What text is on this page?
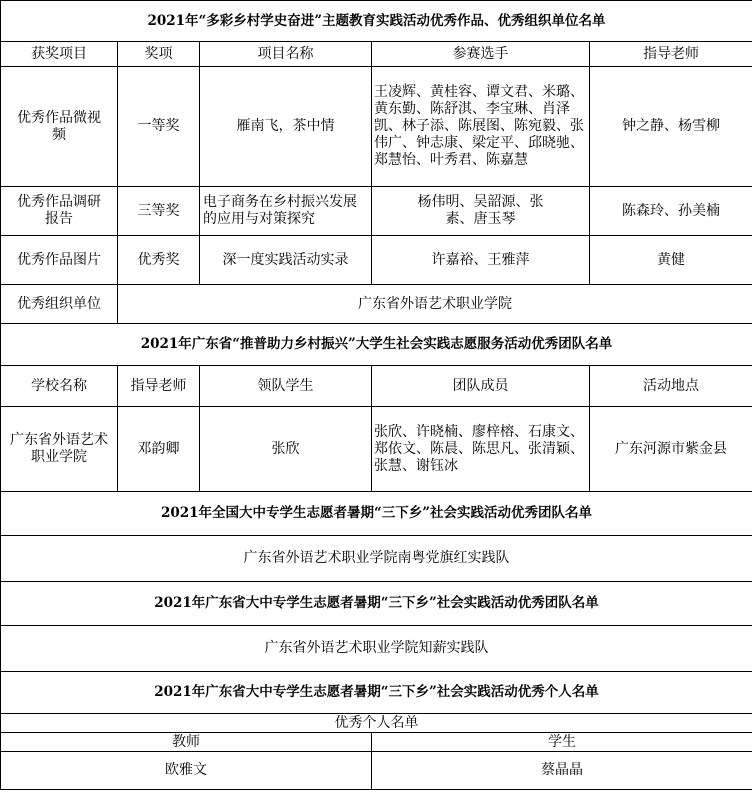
2021年“多彩乡村学史奋进”主题教育实践活动优秀作品、优秀组织单位名单				
获奖项目	奖项	项目名称	参赛选手	指导老师
优秀作品微视频	一等奖	雁南飞，茶中情	王凌辉、黄桂容、谭文君、米璐、黄东勤、陈舒淇、李宝琳、肖泽凯、林子添、陈展图、陈宛毅、张伟广、钟志康、梁定平、邱晓驰、郑慧怡、叶秀君、陈嘉慧	钟之静、杨雪柳
优秀作品调研报告	三等奖	电子商务在乡村振兴发展的应用与对策探究	杨伟明、吴韶源、张素、唐玉琴	陈森玲、孙美楠
优秀作品图片	优秀奖	深一度实践活动实录	许嘉裕、王雅萍	黄健
优秀组织单位	广东省外语艺术职业学院			
2021年广东省“推普助力乡村振兴”大学生社会实践志愿服务活动优秀团队名单				
学校名称	指导老师	领队学生	团队成员	活动地点
广东省外语艺术职业学院	邓韵卿	张欣	张欣、许晓楠、廖梓榕、石康文、郑依文、陈晨、陈思凡、张清颖、张慧、谢钰冰	广东河源市紫金县
2021年全国大中专学生志愿者暑期“三下乡”社会实践活动优秀团队名单				
广东省外语艺术职业学院南粤党旗红实践队				
2021年广东省大中专学生志愿者暑期“三下乡”社会实践活动优秀团队名单				
广东省外语艺术职业学院知薪实践队				
2021年广东省大中专学生志愿者暑期“三下乡”社会实践活动优秀个人名单				
优秀个人名单				
教师			学生	
欧雅文			蔡晶晶	
